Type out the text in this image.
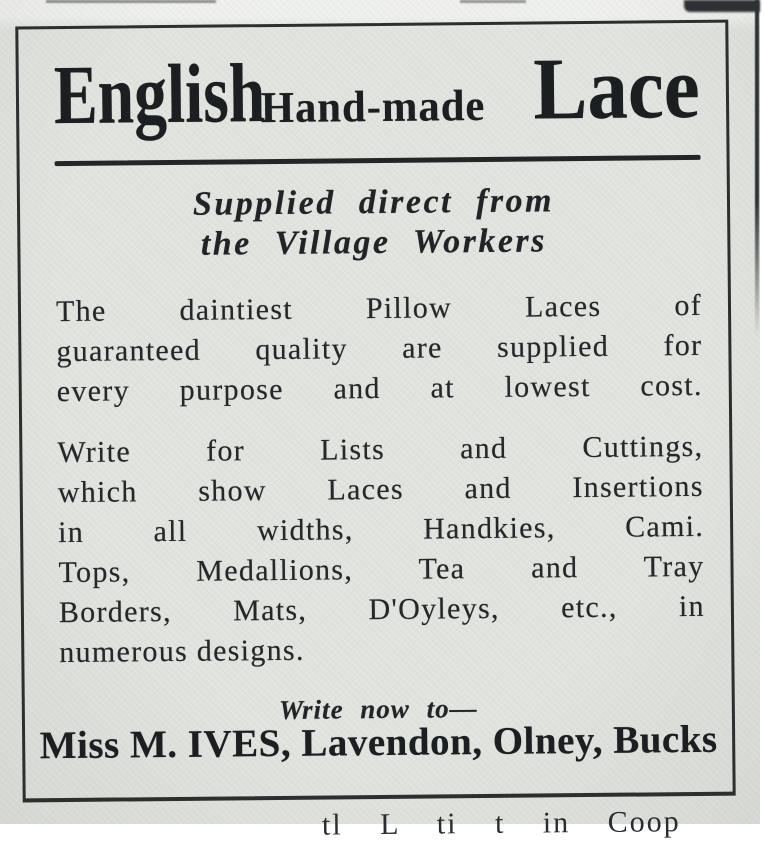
English
Hand-made Lace
Supplied direct from
the Village Workers
The daintiest Pillow Laces of
guaranteed quality are supplied for
every purpose and at lowest cost.
Write for Lists and Cuttings,
which show Laces and Insertions
in all widths, Handkies, Cami.
Tops, Medallions, Tea and Tray
Borders, Mats, D'Oyleys, etc., in
numerous designs.
Write now to—
Miss M. IVES, Lavendon, Olney, Bucks
tl L ti t in Coop
